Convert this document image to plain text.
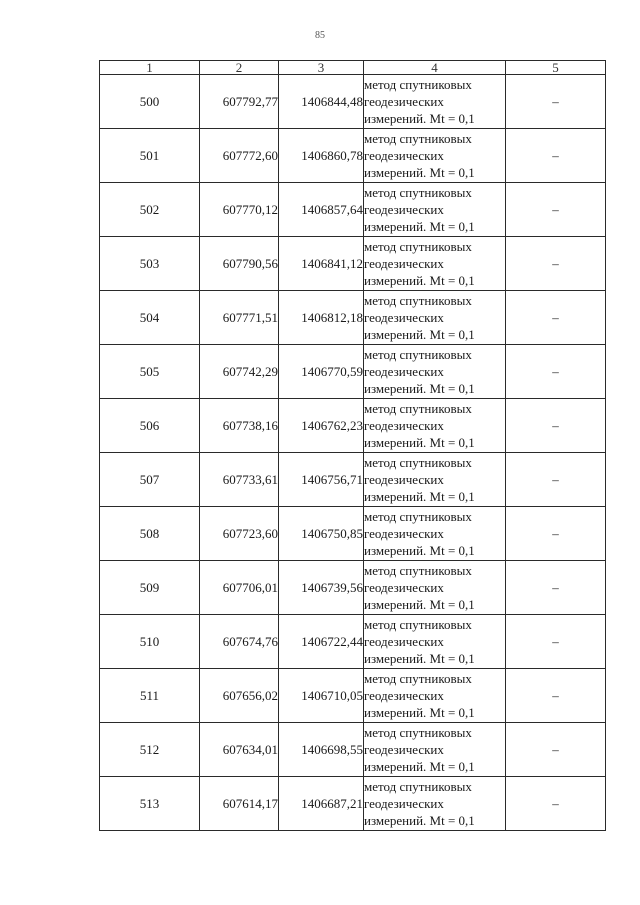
85
1	2	3	4	5
500	607792,77	1406844,48	метод спутниковых
геодезических
измерений. Mt = 0,1	–
501	607772,60	1406860,78	метод спутниковых
геодезических
измерений. Mt = 0,1	–
502	607770,12	1406857,64	метод спутниковых
геодезических
измерений. Mt = 0,1	–
503	607790,56	1406841,12	метод спутниковых
геодезических
измерений. Mt = 0,1	–
504	607771,51	1406812,18	метод спутниковых
геодезических
измерений. Mt = 0,1	–
505	607742,29	1406770,59	метод спутниковых
геодезических
измерений. Mt = 0,1	–
506	607738,16	1406762,23	метод спутниковых
геодезических
измерений. Mt = 0,1	–
507	607733,61	1406756,71	метод спутниковых
геодезических
измерений. Mt = 0,1	–
508	607723,60	1406750,85	метод спутниковых
геодезических
измерений. Mt = 0,1	–
509	607706,01	1406739,56	метод спутниковых
геодезических
измерений. Mt = 0,1	–
510	607674,76	1406722,44	метод спутниковых
геодезических
измерений. Mt = 0,1	–
511	607656,02	1406710,05	метод спутниковых
геодезических
измерений. Mt = 0,1	–
512	607634,01	1406698,55	метод спутниковых
геодезических
измерений. Mt = 0,1	–
513	607614,17	1406687,21	метод спутниковых
геодезических
измерений. Mt = 0,1	–
